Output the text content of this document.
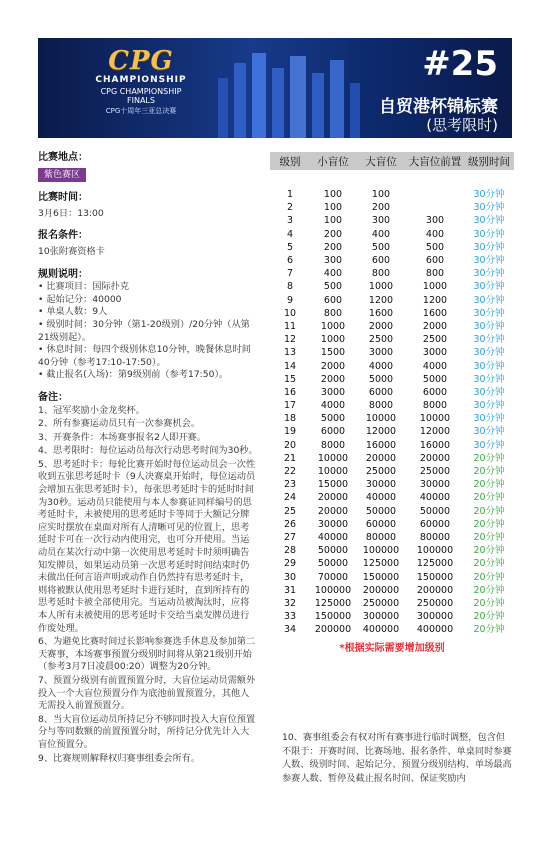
CPG
CHAMPIONSHIP
CPG CHAMPIONSHIP FINALS
CPG十周年三亚总决赛
#25
自贸港杯锦标赛
(思考限时)
比赛地点：
紫色赛区
比赛时间：
3月6日：13:00
报名条件：
10张附赛资格卡
规则说明：

• 比赛项目：国际扑克

• 起始记分：40000

• 单桌人数：9人

• 级别时间：30分钟（第1-20级别）/20分钟（从第21级别起）。

• 休息时间：每四个级别休息10分钟，晚餐休息时间40分钟（参考17:10-17:50）。

• 截止报名(入场)：第9级别前（参考17:50）。

备注：

1、冠军奖励小金龙奖杯。

2、所有参赛运动员只有一次参赛机会。

3、开赛条件：本场赛事报名2人即开赛。

4、思考限时：每位运动员每次行动思考时间为30秒。

5、思考延时卡：每轮比赛开始时每位运动员会一次性收到五张思考延时卡（9人决赛桌开始时，每位运动员会增加五张思考延时卡），每张思考延时卡的延时时间为30秒。运动员只能使用与本人参赛证同样编号的思考延时卡，未被使用的思考延时卡等同于大额记分牌应实时摆放在桌面对所有人清晰可见的位置上，思考延时卡可在一次行动内使用完，也可分开使用。当运动员在某次行动中第一次使用思考延时卡时须明确告知发牌员，如果运动员第一次思考延时时间结束时仍未做出任何言语声明或动作自仍然持有思考延时卡，则将被默认使用思考延时卡进行延时，直到所持有的思考延时卡被全部使用完。当运动员被淘汰时，应将本人所有未被使用的思考延时卡交给当桌发牌员进行作废处理。

6、为避免比赛时间过长影响参赛选手休息及参加第二天赛事，本场赛事预置分级别时间将从第21级别开始（参考3月7日凌晨00:20）调整为20分钟。

7、预置分级别有前置预置分时，大盲位运动员需额外投入一个大盲位预置分作为底池前置预置分，其他人无需投入前置预置分。

8、当大盲位运动员所持记分不够同时投入大盲位预置分与等同数额的前置预置分时，所持记分优先计入大盲位预置分。

9、比赛规则解释权归赛事组委会所有。

级别	小盲位	大盲位	大盲位前置	级别时间

1	100	100		30分钟
2	100	200		30分钟
3	100	300	300	30分钟
4	200	400	400	30分钟
5	200	500	500	30分钟
6	300	600	600	30分钟
7	400	800	800	30分钟
8	500	1000	1000	30分钟
9	600	1200	1200	30分钟
10	800	1600	1600	30分钟
11	1000	2000	2000	30分钟
12	1000	2500	2500	30分钟
13	1500	3000	3000	30分钟
14	2000	4000	4000	30分钟
15	2000	5000	5000	30分钟
16	3000	6000	6000	30分钟
17	4000	8000	8000	30分钟
18	5000	10000	10000	30分钟
19	6000	12000	12000	30分钟
20	8000	16000	16000	30分钟
21	10000	20000	20000	20分钟
22	10000	25000	25000	20分钟
23	15000	30000	30000	20分钟
24	20000	40000	40000	20分钟
25	20000	50000	50000	20分钟
26	30000	60000	60000	20分钟
27	40000	80000	80000	20分钟
28	50000	100000	100000	20分钟
29	50000	125000	125000	20分钟
30	70000	150000	150000	20分钟
31	100000	200000	200000	20分钟
32	125000	250000	250000	20分钟
33	150000	300000	300000	20分钟
34	200000	400000	400000	20分钟
*根据实际需要增加级别
10、赛事组委会有权对所有赛事进行临时调整，包含但不限于：开赛时间、比赛场地、报名条件、单桌同时参赛人数、级别时间、起始记分、预置分级别结构、单场最高参赛人数、暂停及截止报名时间、保证奖励内
